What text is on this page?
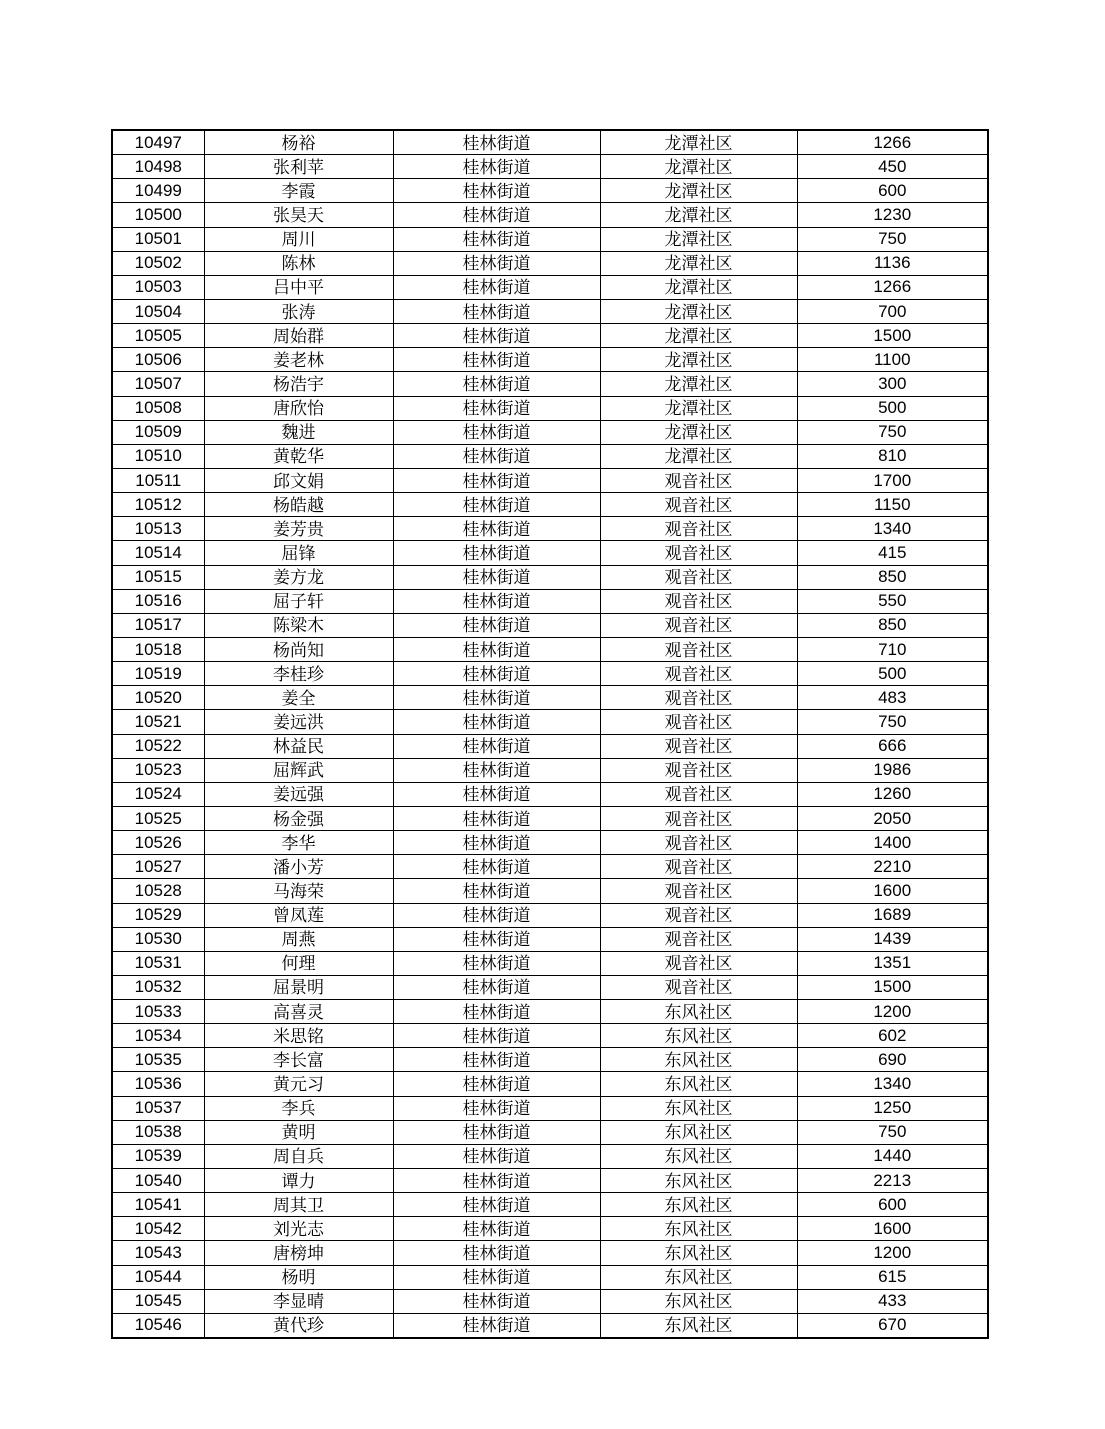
10497	杨裕	桂林街道	龙潭社区	1266
10498	张利苹	桂林街道	龙潭社区	450
10499	李霞	桂林街道	龙潭社区	600
10500	张昊天	桂林街道	龙潭社区	1230
10501	周川	桂林街道	龙潭社区	750
10502	陈林	桂林街道	龙潭社区	1136
10503	吕中平	桂林街道	龙潭社区	1266
10504	张涛	桂林街道	龙潭社区	700
10505	周始群	桂林街道	龙潭社区	1500
10506	姜老林	桂林街道	龙潭社区	1100
10507	杨浩宇	桂林街道	龙潭社区	300
10508	唐欣怡	桂林街道	龙潭社区	500
10509	魏进	桂林街道	龙潭社区	750
10510	黄乾华	桂林街道	龙潭社区	810
10511	邱文娟	桂林街道	观音社区	1700
10512	杨皓越	桂林街道	观音社区	1150
10513	姜芳贵	桂林街道	观音社区	1340
10514	屈锋	桂林街道	观音社区	415
10515	姜方龙	桂林街道	观音社区	850
10516	屈子轩	桂林街道	观音社区	550
10517	陈梁木	桂林街道	观音社区	850
10518	杨尚知	桂林街道	观音社区	710
10519	李桂珍	桂林街道	观音社区	500
10520	姜全	桂林街道	观音社区	483
10521	姜远洪	桂林街道	观音社区	750
10522	林益民	桂林街道	观音社区	666
10523	屈辉武	桂林街道	观音社区	1986
10524	姜远强	桂林街道	观音社区	1260
10525	杨金强	桂林街道	观音社区	2050
10526	李华	桂林街道	观音社区	1400
10527	潘小芳	桂林街道	观音社区	2210
10528	马海荣	桂林街道	观音社区	1600
10529	曾凤莲	桂林街道	观音社区	1689
10530	周燕	桂林街道	观音社区	1439
10531	何理	桂林街道	观音社区	1351
10532	屈景明	桂林街道	观音社区	1500
10533	高喜灵	桂林街道	东风社区	1200
10534	米思铭	桂林街道	东风社区	602
10535	李长富	桂林街道	东风社区	690
10536	黄元习	桂林街道	东风社区	1340
10537	李兵	桂林街道	东风社区	1250
10538	黄明	桂林街道	东风社区	750
10539	周自兵	桂林街道	东风社区	1440
10540	谭力	桂林街道	东风社区	2213
10541	周其卫	桂林街道	东风社区	600
10542	刘光志	桂林街道	东风社区	1600
10543	唐榜坤	桂林街道	东风社区	1200
10544	杨明	桂林街道	东风社区	615
10545	李显晴	桂林街道	东风社区	433
10546	黄代珍	桂林街道	东风社区	670
